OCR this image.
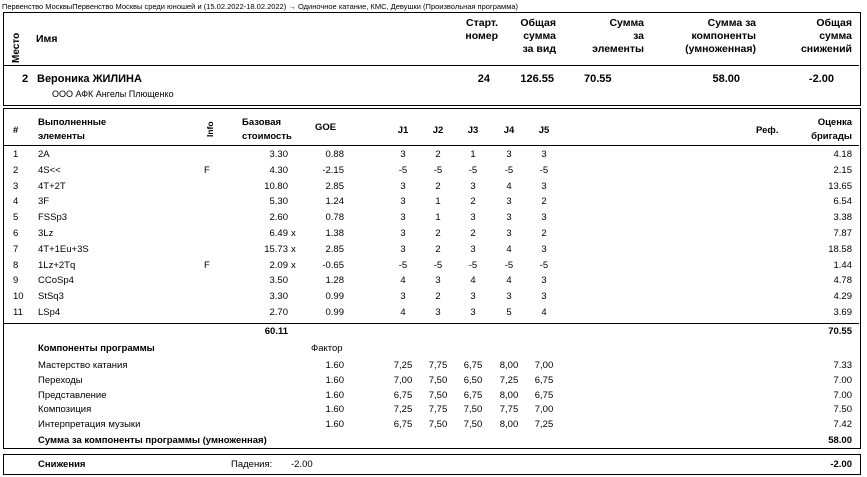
Первенство МосквыПервенство Москвы среди юношей и (15.02.2022-18.02.2022) → Одиночное катание, КМС, Девушки (Произвольная программа)
Место Имя
Старт.
номер
Общая
сумма
за вид
Сумма
за
элементы
Сумма за
компоненты
(умноженная)
Общая
сумма
снижений
2 Вероника ЖИЛИНА
ООО АФК Ангелы Плющенко
24	126.55	70.55	58.00	-2.00
#
Выполненные
элементы	Info	Базовая
стоимость
GOE	J1	J2	J3	J4	J5	Реф.
Оценка
бригады
1 2A	3.30	0.88	3	2	1	3	3	4.18
2 4S<<	F	4.30	-2.15	-5	-5	-5	-5	-5	2.15
3 4T+2T	10.80	2.85	3	2	3	4	3	13.65
4 3F	5.30	1.24	3	1	2	3	2	6.54
5 FSSp3	2.60	0.78	3	1	3	3	3	3.38
6 3Lz	6.49 x	1.38	3	2	2	3	2	7.87
7 4T+1Eu+3S	15.73 x	2.85	3	2	3	4	3	18.58
8 1Lz+2Tq	F	2.09 x	-0.65	-5	-5	-5	-5	-5	1.44
9 CCoSp4	3.50	1.28	4	3	4	4	3	4.78
10 StSq3	3.30	0.99	3	2	3	3	3	4.29
11 LSp4	2.70	0.99	4	3	3	5	4	3.69
60.11	70.55
Компоненты программы	Фактор
Мастерство катания	1.60	7,25	7,75	6,75	8,00	7,00	7.33
Переходы	1.60	7,00	7,50	6,50	7,25	6,75	7.00
Представление	1.60	6,75	7,50	6,75	8,00	6,75	7.00
Композиция	1.60	7,25	7,75	7,50	7,75	7,00	7.50
Интерпретация музыки	1.60	6,75	7,50	7,50	8,00	7,25	7.42
Сумма за компоненты программы (умноженная)	58.00
Снижения	Падения: -2.00	-2.00
